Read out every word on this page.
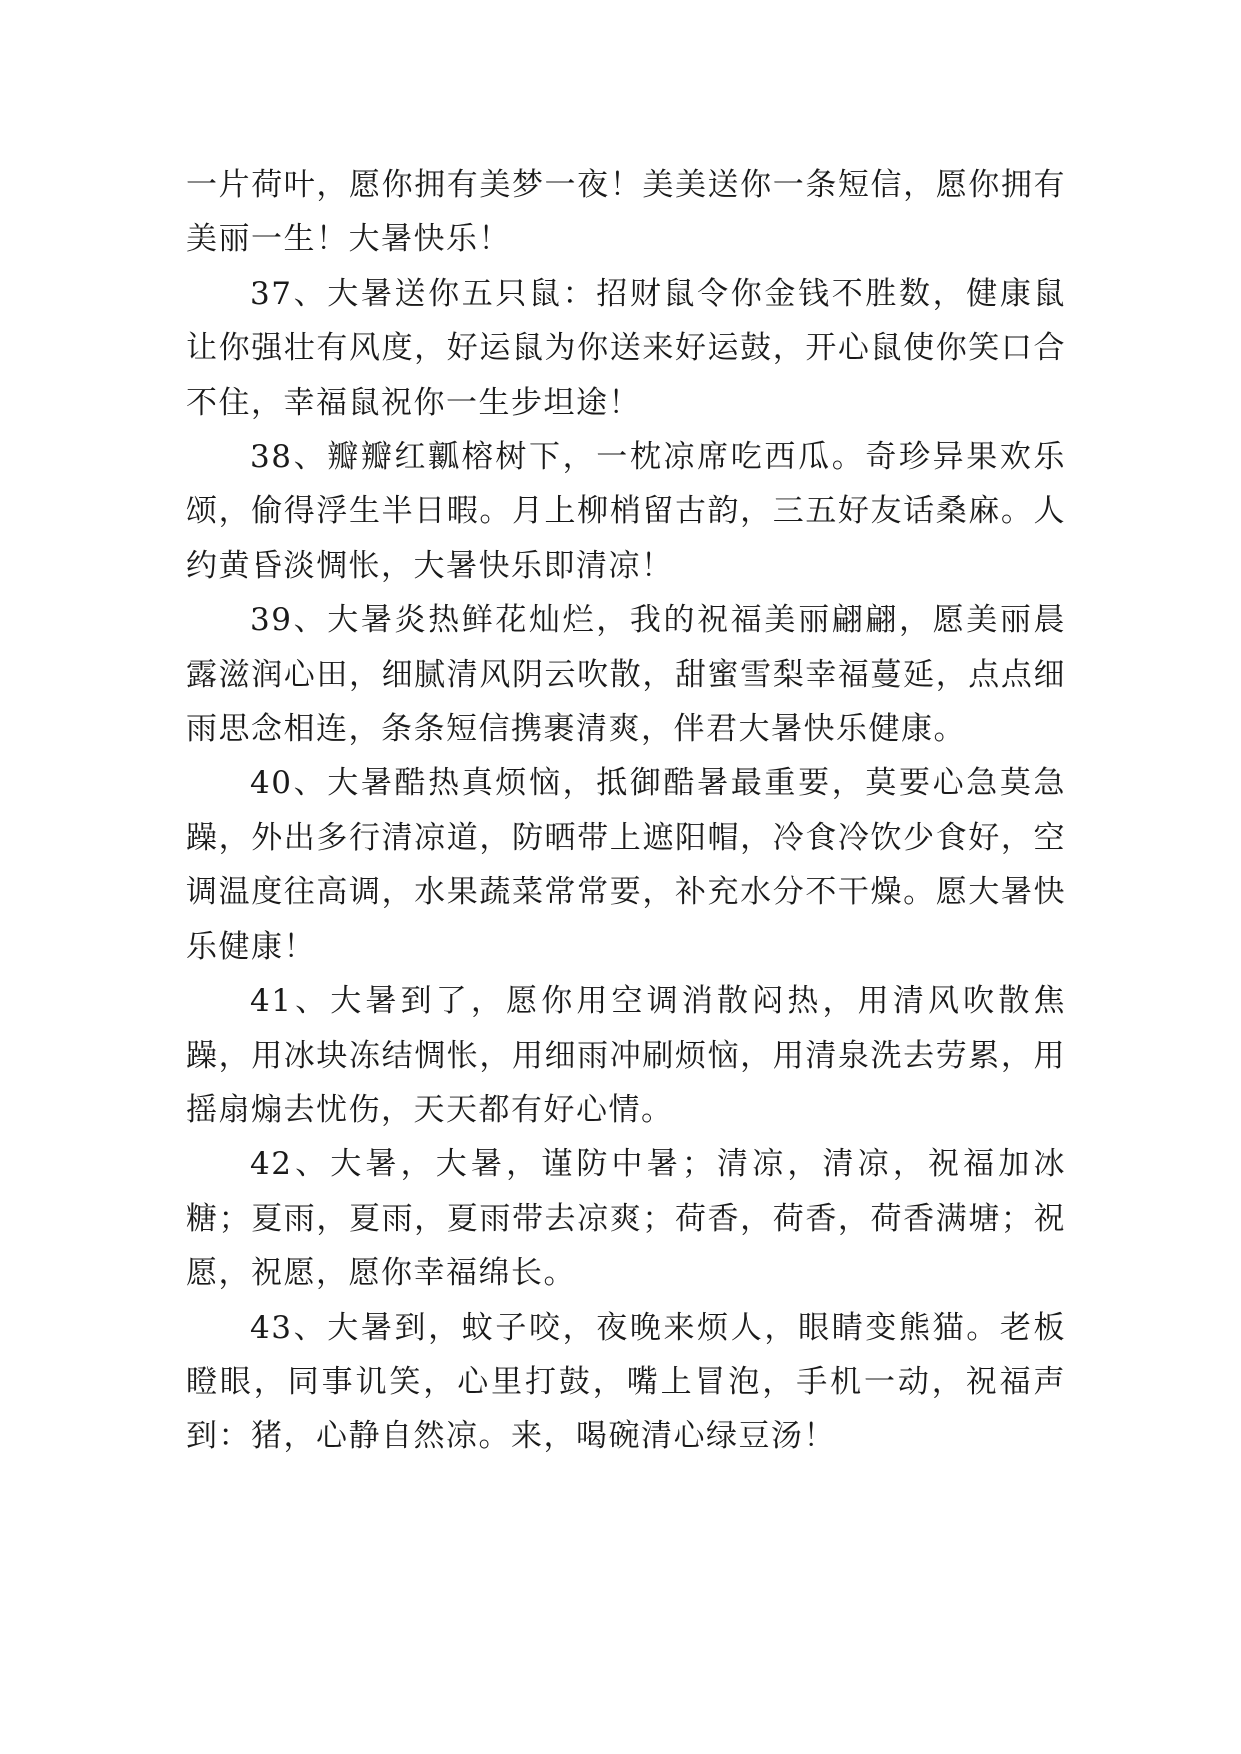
一片荷叶，愿你拥有美梦一夜！美美送你一条短信，愿你拥有美丽一生！大暑快乐！

37、大暑送你五只鼠：招财鼠令你金钱不胜数，健康鼠让你强壮有风度，好运鼠为你送来好运鼓，开心鼠使你笑口合不住，幸福鼠祝你一生步坦途！

38、瓣瓣红瓤榕树下，一枕凉席吃西瓜。奇珍异果欢乐颂，偷得浮生半日暇。月上柳梢留古韵，三五好友话桑麻。人约黄昏淡惆怅，大暑快乐即清凉！

39、大暑炎热鲜花灿烂，我的祝福美丽翩翩，愿美丽晨露滋润心田，细腻清风阴云吹散，甜蜜雪梨幸福蔓延，点点细雨思念相连，条条短信携裹清爽，伴君大暑快乐健康。

40、大暑酷热真烦恼，抵御酷暑最重要，莫要心急莫急躁，外出多行清凉道，防晒带上遮阳帽，冷食冷饮少食好，空调温度往高调，水果蔬菜常常要，补充水分不干燥。愿大暑快乐健康！

41、大暑到了，愿你用空调消散闷热，用清风吹散焦躁，用冰块冻结惆怅，用细雨冲刷烦恼，用清泉洗去劳累，用摇扇煽去忧伤，天天都有好心情。

42、大暑，大暑，谨防中暑；清凉，清凉，祝福加冰糖；夏雨，夏雨，夏雨带去凉爽；荷香，荷香，荷香满塘；祝愿，祝愿，愿你幸福绵长。

43、大暑到，蚊子咬，夜晚来烦人，眼睛变熊猫。老板瞪眼，同事讥笑，心里打鼓，嘴上冒泡，手机一动，祝福声到：猪，心静自然凉。来，喝碗清心绿豆汤！
